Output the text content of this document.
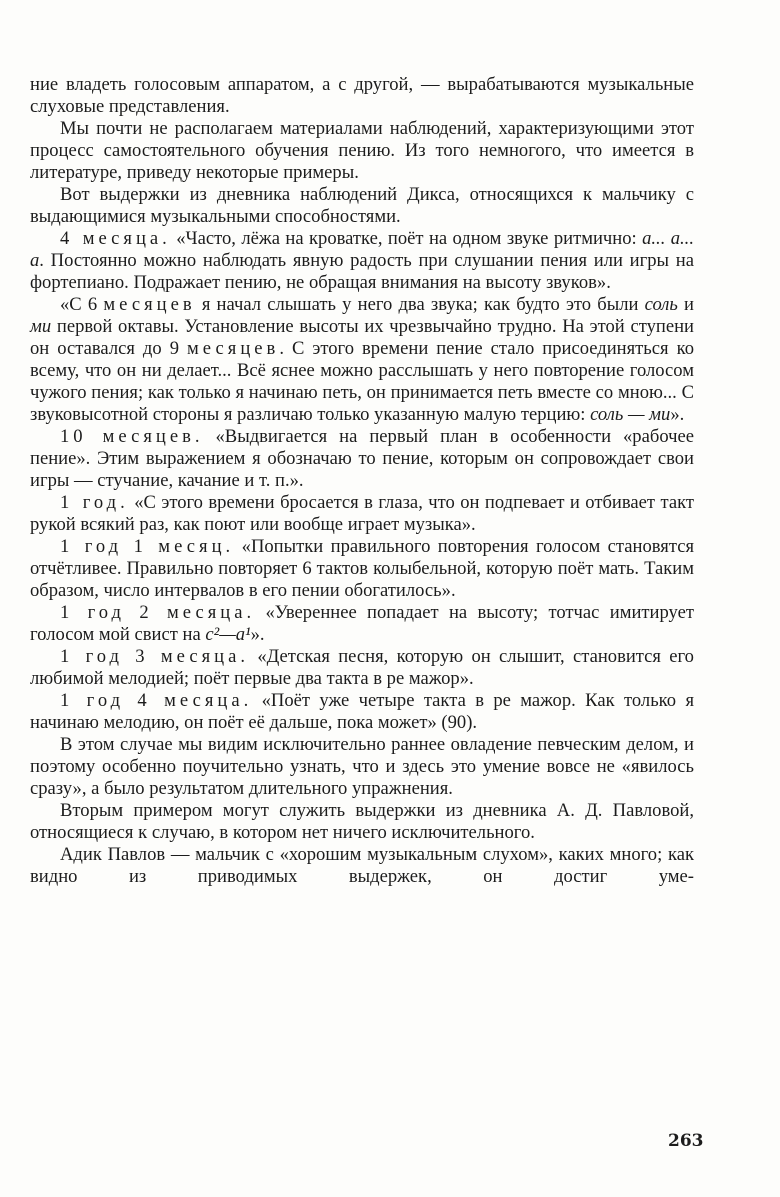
ние владеть голосовым аппаратом, а с другой, — вырабатываются музыкальные слуховые представления.

Мы почти не располагаем материалами наблюдений, характеризующими этот процесс самостоятельного обучения пению. Из того немногого, что имеется в литературе, приведу некоторые примеры.

Вот выдержки из дневника наблюдений Дикса, относящихся к мальчику с выдающимися музыкальными способностями.

4 месяца. «Часто, лёжа на кроватке, поёт на одном звуке ритмично: а... а... а. Постоянно можно наблюдать явную радость при слушании пения или игры на фортепиано. Подражает пению, не обращая внимания на высоту звуков».

«С 6 месяцев я начал слышать у него два звука; как будто это были соль и ми первой октавы. Установление высоты их чрезвычайно трудно. На этой ступени он оставался до 9 месяцев. С этого времени пение стало присоединяться ко всему, что он ни делает... Всё яснее можно расслышать у него повторение голосом чужого пения; как только я начинаю петь, он принимается петь вместе со мною... С звуковысотной стороны я различаю только указанную малую терцию: соль — ми».

10 месяцев. «Выдвигается на первый план в особенности «рабочее пение». Этим выражением я обозначаю то пение, которым он сопровождает свои игры — стучание, качание и т. п.».

1 год. «С этого времени бросается в глаза, что он подпевает и отбивает такт рукой всякий раз, как поют или вообще играет музыка».

1 год 1 месяц. «Попытки правильного повторения голосом становятся отчётливее. Правильно повторяет 6 тактов колыбельной, которую поёт мать. Таким образом, число интервалов в его пении обогатилось».

1 год 2 месяца. «Увереннее попадает на высоту; тотчас имитирует голосом мой свист на c²—a¹».

1 год 3 месяца. «Детская песня, которую он слышит, становится его любимой мелодией; поёт первые два такта в ре мажор».

1 год 4 месяца. «Поёт уже четыре такта в ре мажор. Как только я начинаю мелодию, он поёт её дальше, пока может» (90).

В этом случае мы видим исключительно раннее овладение певческим делом, и поэтому особенно поучительно узнать, что и здесь это умение вовсе не «явилось сразу», а было результатом длительного упражнения.

Вторым примером могут служить выдержки из дневника А. Д. Павловой, относящиеся к случаю, в котором нет ничего исключительного.

Адик Павлов — мальчик с «хорошим музыкальным слухом», каких много; как видно из приводимых выдержек, он достиг уме-

263
